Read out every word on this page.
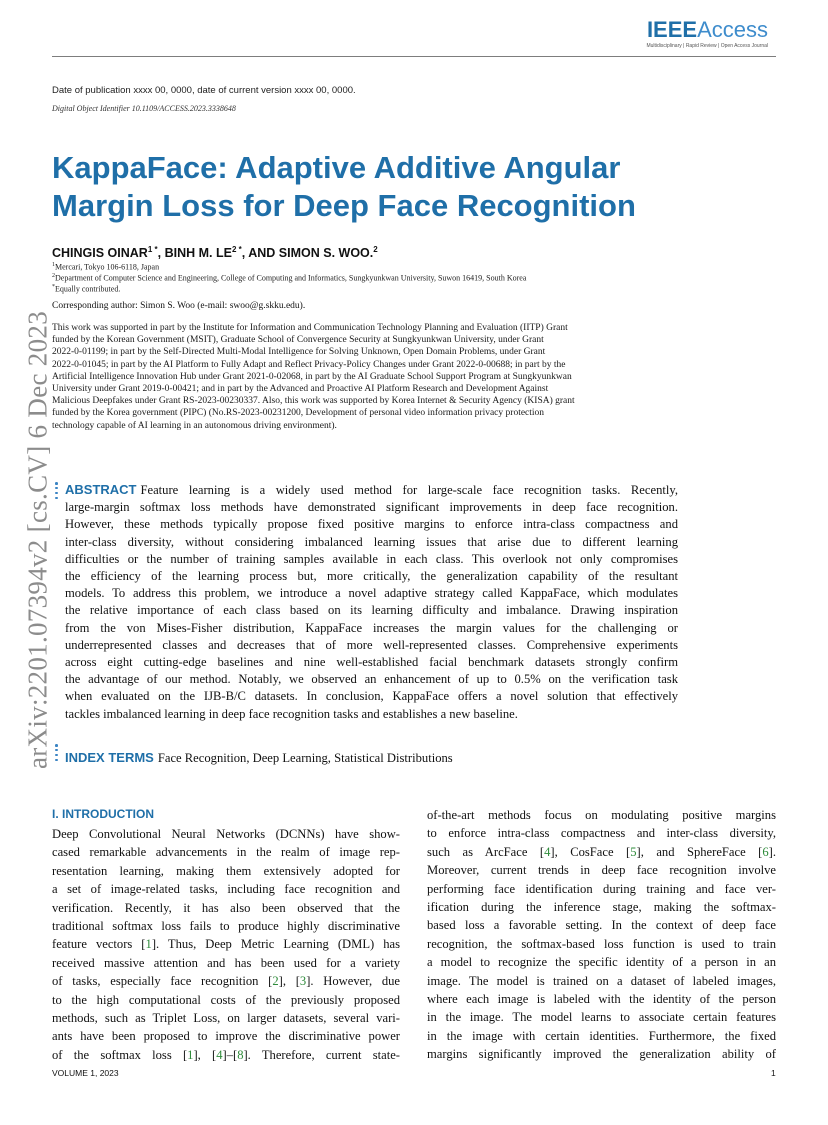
IEEEAccess
Multidisciplinary | Rapid Review | Open Access Journal
Date of publication xxxx 00, 0000, date of current version xxxx 00, 0000.
Digital Object Identifier 10.1109/ACCESS.2023.3338648
KappaFace: Adaptive Additive Angular
Margin Loss for Deep Face Recognition
CHINGIS $OINAR^{1 *}$, BINH M. $LE^{2 *}$, AND SIMON S. WOO.$^2$
$^1$Mercari, Tokyo 106-6118, Japan
$^2$Department of Computer Science and Engineering, College of Computing and Informatics, Sungkyunkwan University, Suwon 16419, South Korea
*Equally contributed.
Corresponding author: Simon S. Woo (e-mail: swoo@g.skku.edu).
This work was supported in part by the Institute for Information and Communication Technology Planning and Evaluation (IITP) Grant
funded by the Korean Government (MSIT), Graduate School of Convergence Security at Sungkyunkwan University, under Grant
2022-0-01199; in part by the Self-Directed Multi-Modal Intelligence for Solving Unknown, Open Domain Problems, under Grant
2022-0-01045; in part by the AI Platform to Fully Adapt and Reflect Privacy-Policy Changes under Grant 2022-0-00688; in part by the
Artificial Intelligence Innovation Hub under Grant 2021-0-02068, in part by the AI Graduate School Support Program at Sungkyunkwan
University under Grant 2019-0-00421; and in part by the Advanced and Proactive AI Platform Research and Development Against
Malicious Deepfakes under Grant RS-2023-00230337. Also, this work was supported by Korea Internet & Security Agency (KISA) grant
funded by the Korea government (PIPC) (No.RS-2023-00231200, Development of personal video information privacy protection
technology capable of AI learning in an autonomous driving environment).
arXiv:2201.07394v2 [cs.CV] 6 Dec 2023 ABSTRACT Feature learning is a widely used method for large-scale face recognition tasks. Recently,
large-margin softmax loss methods have demonstrated significant improvements in deep face recognition.
However, these methods typically propose fixed positive margins to enforce intra-class compactness and
inter-class diversity, without considering imbalanced learning issues that arise due to different learning
difficulties or the number of training samples available in each class. This overlook not only compromises
the efficiency of the learning process but, more critically, the generalization capability of the resultant
models. To address this problem, we introduce a novel adaptive strategy called KappaFace, which modulates
the relative importance of each class based on its learning difficulty and imbalance. Drawing inspiration
from the von Mises-Fisher distribution, KappaFace increases the margin values for the challenging or
underrepresented classes and decreases that of more well-represented classes. Comprehensive experiments
across eight cutting-edge baselines and nine well-established facial benchmark datasets strongly confirm
the advantage of our method. Notably, we observed an enhancement of up to 0.5% on the verification task
when evaluated on the IJB-B/C datasets. In conclusion, KappaFace offers a novel solution that effectively
tackles imbalanced learning in deep face recognition tasks and establishes a new baseline.
INDEX TERMS Face Recognition, Deep Learning, Statistical Distributions
I. INTRODUCTION
Deep Convolutional Neural Networks (DCNNs) have show-
cased remarkable advancements in the realm of image rep-
resentation learning, making them extensively adopted for
a set of image-related tasks, including face recognition and
verification. Recently, it has also been observed that the
traditional softmax loss fails to produce highly discriminative
feature vectors [1]. Thus, Deep Metric Learning (DML) has
received massive attention and has been used for a variety
of tasks, especially face recognition [2], [3]. However, due
to the high computational costs of the previously proposed
methods, such as Triplet Loss, on larger datasets, several vari-
ants have been proposed to improve the discriminative power
of the softmax loss [1], [4]–[8]. Therefore, current state-
of-the-art methods focus on modulating positive margins
to enforce intra-class compactness and inter-class diversity,
such as ArcFace [4], CosFace [5], and SphereFace [6].
Moreover, current trends in deep face recognition involve
performing face identification during training and face ver-
ification during the inference stage, making the softmax-
based loss a favorable setting. In the context of deep face
recognition, the softmax-based loss function is used to train
a model to recognize the specific identity of a person in an
image. The model is trained on a dataset of labeled images,
where each image is labeled with the identity of the person
in the image. The model learns to associate certain features
in the image with certain identities. Furthermore, the fixed
margins significantly improved the generalization ability of
VOLUME 1, 2023	1
